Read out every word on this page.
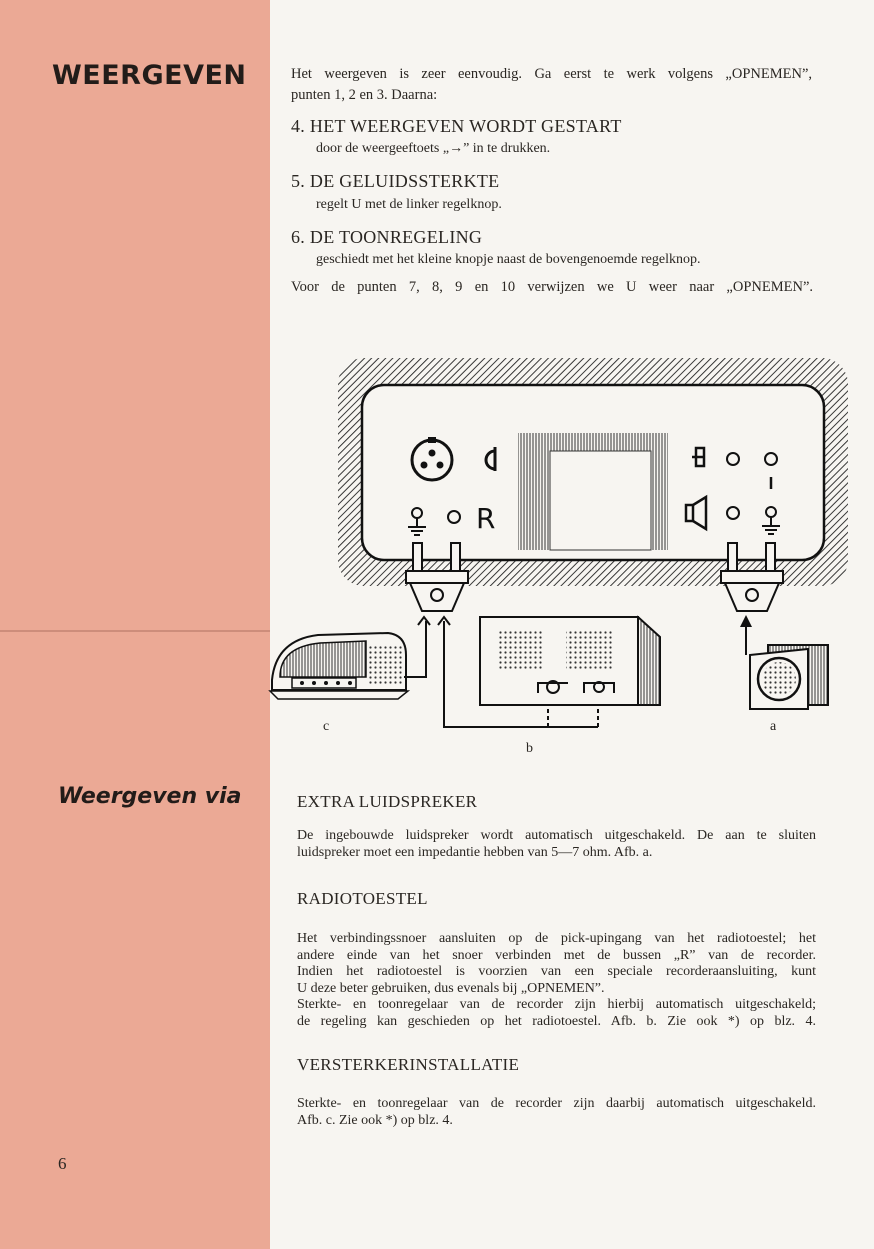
WEERGEVEN
Weergeven via
6
Het weergeven is zeer eenvoudig. Ga eerst te werk volgens „OPNEMEN”,
punten 1, 2 en 3. Daarna:
4. HET WEERGEVEN WORDT GESTART
door de weergeeftoets „→” in te drukken.
5. DE GELUIDSSTERKTE
regelt U met de linker regelknop.
6. DE TOONREGELING
geschiedt met het kleine knopje naast de bovengenoemde regelknop.
Voor de punten 7, 8, 9 en 10 verwijzen we U weer naar „OPNEMEN”.
R
c
b
a
EXTRA LUIDSPREKER

De ingebouwde luidspreker wordt automatisch uitgeschakeld. De aan te sluiten

luidspreker moet een impedantie hebben van 5—7 ohm. Afb. a.

RADIOTOESTEL

Het verbindingssnoer aansluiten op de pick-upingang van het radiotoestel; het

andere einde van het snoer verbinden met de bussen „R” van de recorder.

Indien het radiotoestel is voorzien van een speciale recorderaansluiting, kunt

U deze beter gebruiken, dus evenals bij „OPNEMEN”.

Sterkte- en toonregelaar van de recorder zijn hierbij automatisch uitgeschakeld;

de regeling kan geschieden op het radiotoestel. Afb. b. Zie ook *) op blz. 4.

VERSTERKERINSTALLATIE

Sterkte- en toonregelaar van de recorder zijn daarbij automatisch uitgeschakeld.

Afb. c. Zie ook *) op blz. 4.
